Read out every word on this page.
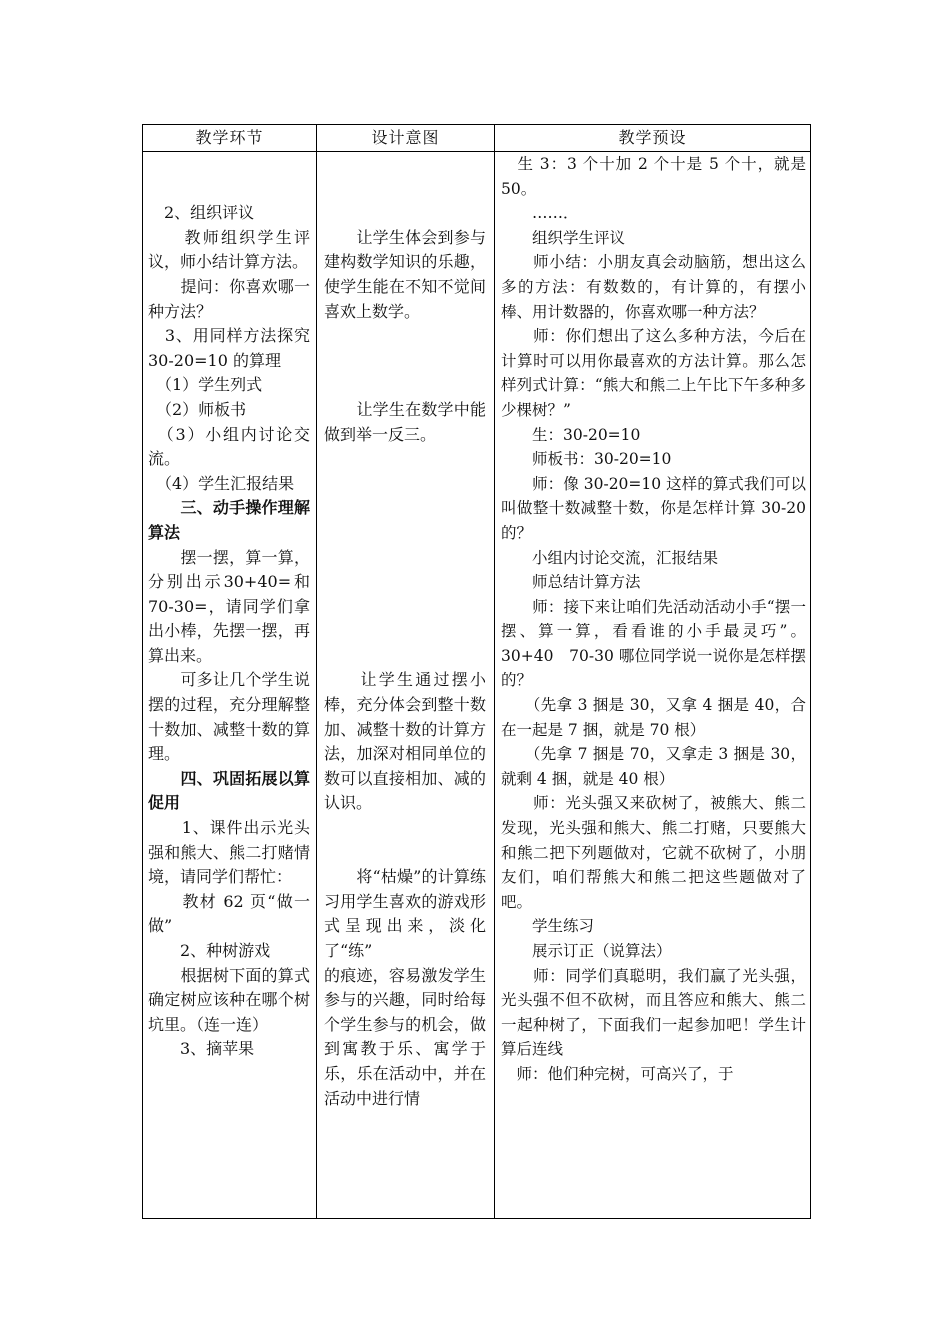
教学环节	设计意图	教学预设

　2、组织评议

　　教师组织学生评议，师小结计算方法。

　　提问：你喜欢哪一种方法？

　3、用同样方法探究 30-20=10 的算理

　（1）学生列式

　（2）师板书

　（3）小组内讨论交流。

　（4）学生汇报结果

　　三、动手操作理解算法

　　摆一摆，算一算，分别出示30+40=和 70-30=，请同学们拿出小棒，先摆一摆，再算出来。

　　可多让几个学生说摆的过程，充分理解整十数加、减整十数的算理。

　　四、巩固拓展以算促用

　　1、课件出示光头强和熊大、熊二打赌情境，请同学们帮忙：

　　教材 62 页“做一做”

　　2、种树游戏

　　根据树下面的算式确定树应该种在哪个树坑里。（连一连）

　　3、摘苹果

　　让学生体会到参与建构数学知识的乐趣，使学生能在不知不觉间喜欢上数学。

　　让学生在数学中能做到举一反三。

　　让学生通过摆小棒，充分体会到整十数加、减整十数的计算方法，加深对相同单位的数可以直接相加、减的认识。

　　将“枯燥”的计算练习用学生喜欢的游戏形式呈现出来，淡化了“练”

的痕迹，容易激发学生参与的兴趣，同时给每个学生参与的机会，做到寓教于乐、寓学于乐，乐在活动中，并在活动中进行情

　生 3：3 个十加 2 个十是 5 个十，就是 50。

　　……．

　　组织学生评议

　　师小结：小朋友真会动脑筋，想出这么多的方法：有数数的，有计算的，有摆小棒、用计数器的，你喜欢哪一种方法？

　　师：你们想出了这么多种方法，今后在计算时可以用你最喜欢的方法计算。那么怎样列式计算：“熊大和熊二上午比下午多种多少棵树？”

　　生：30-20=10

　　师板书：30-20=10

　　师：像 30-20=10 这样的算式我们可以叫做整十数减整十数，你是怎样计算 30-20 的？

　　小组内讨论交流，汇报结果

　　师总结计算方法

　　师：接下来让咱们先活动活动小手“摆一摆、算一算，看看谁的小手最灵巧”。30+40　70-30 哪位同学说一说你是怎样摆的？

　　（先拿 3 捆是 30，又拿 4 捆是 40，合在一起是 7 捆，就是 70 根）

　　（先拿 7 捆是 70，又拿走 3 捆是 30，就剩 4 捆，就是 40 根）

　　师：光头强又来砍树了，被熊大、熊二发现，光头强和熊大、熊二打赌，只要熊大和熊二把下列题做对，它就不砍树了，小朋友们，咱们帮熊大和熊二把这些题做对了吧。

　　学生练习

　　展示订正（说算法）

　　师：同学们真聪明，我们赢了光头强，光头强不但不砍树，而且答应和熊大、熊二一起种树了，下面我们一起参加吧！学生计算后连线

　师：他们种完树，可高兴了，于
